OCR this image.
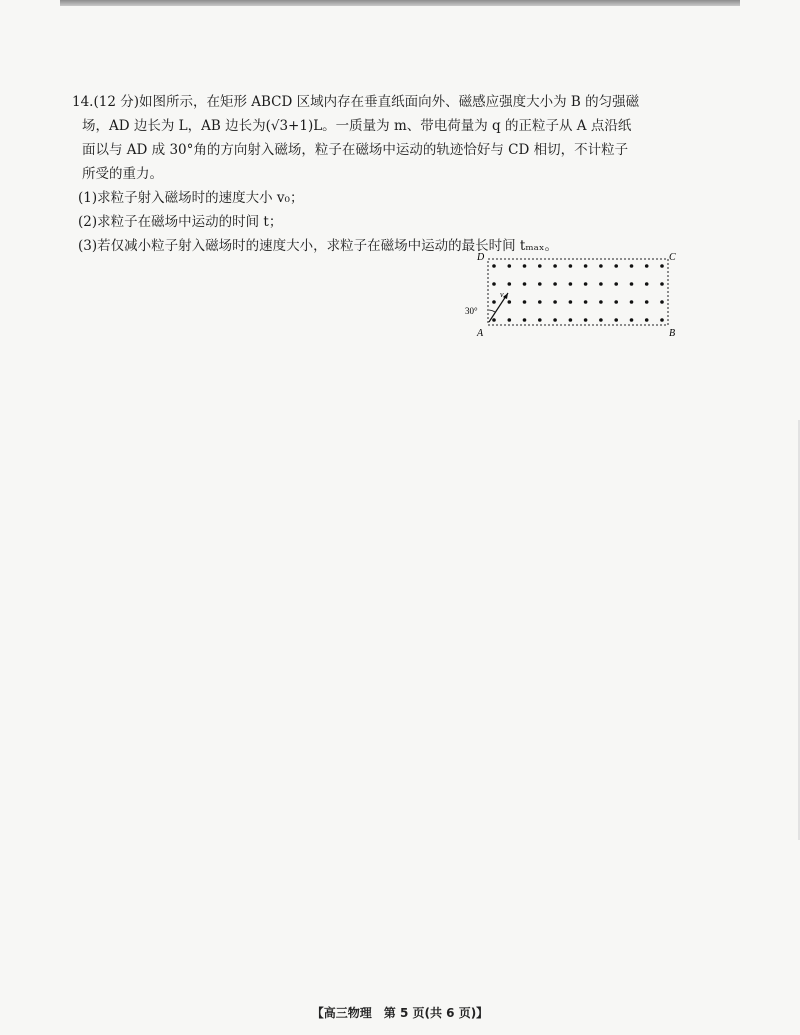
14.(12 分)如图所示，在矩形 ABCD 区域内存在垂直纸面向外、磁感应强度大小为 B 的匀强磁
场，AD 边长为 L，AB 边长为(√3+1)L。一质量为 m、带电荷量为 q 的正粒子从 A 点沿纸
面以与 AD 成 30°角的方向射入磁场，粒子在磁场中运动的轨迹恰好与 CD 相切，不计粒子
所受的重力。
(1)求粒子射入磁场时的速度大小 v₀；
(2)求粒子在磁场中运动的时间 t；
(3)若仅减小粒子射入磁场时的速度大小，求粒子在磁场中运动的最长时间 tₘₐₓ。
D	C
A	B
v₀
30°
【高三物理　第 5 页(共 6 页)】
